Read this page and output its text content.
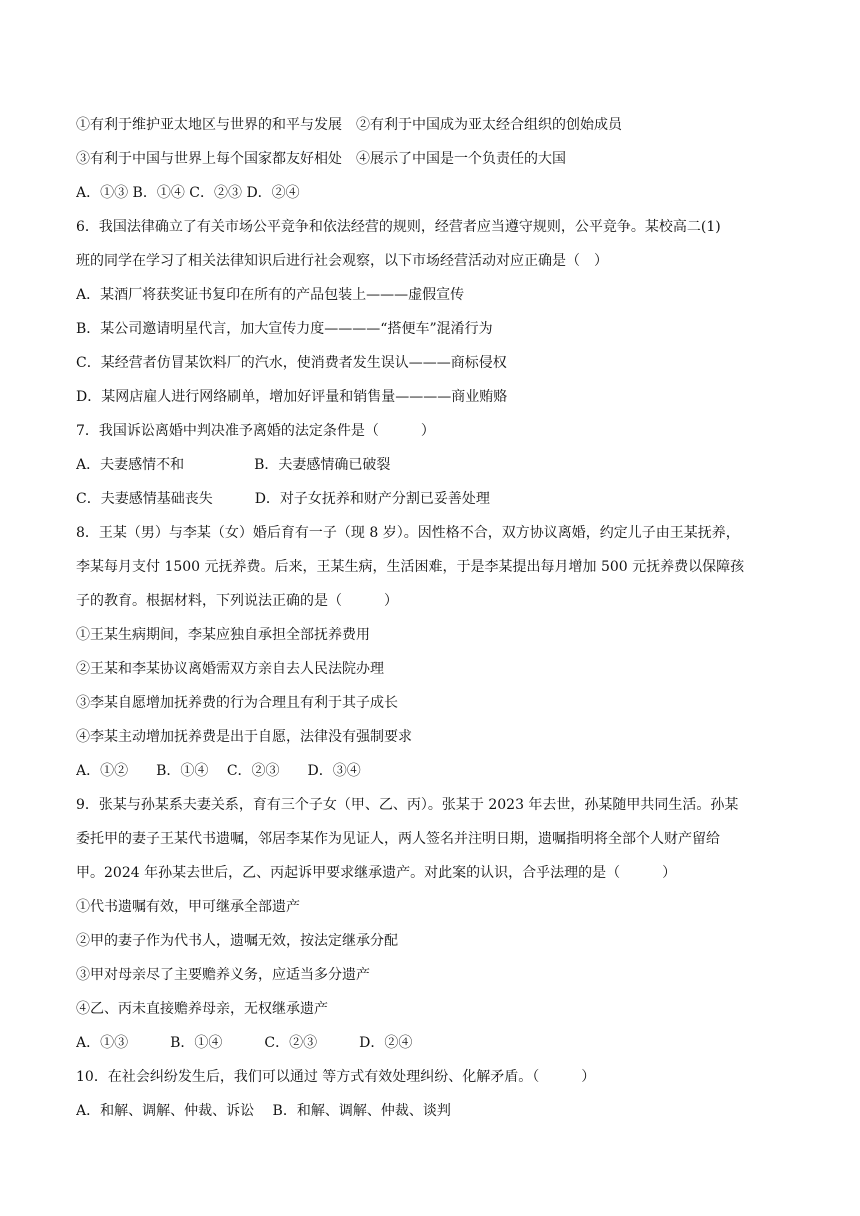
①有利于维护亚太地区与世界的和平与发展　②有利于中国成为亚太经合组织的创始成员
③有利于中国与世界上每个国家都友好相处　④展示了中国是一个负责任的大国
A．①③ B．①④ C．②③ D．②④
6．我国法律确立了有关市场公平竞争和依法经营的规则，经营者应当遵守规则，公平竞争。某校高二(1)
班的同学在学习了相关法律知识后进行社会观察，以下市场经营活动对应正确是（　）
A．某酒厂将获奖证书复印在所有的产品包装上———虚假宣传
B．某公司邀请明星代言，加大宣传力度————“搭便车”混淆行为
C．某经营者仿冒某饮料厂的汽水，使消费者发生误认———商标侵权
D．某网店雇人进行网络刷单，增加好评量和销售量————商业贿赂
7．我国诉讼离婚中判决准予离婚的法定条件是（　　　）
A．夫妻感情不和　　　　　B．夫妻感情确已破裂
C．夫妻感情基础丧失　　　D．对子女抚养和财产分割已妥善处理
8．王某（男）与李某（女）婚后育有一子（现 8 岁）。因性格不合，双方协议离婚，约定儿子由王某抚养，
李某每月支付 1500 元抚养费。后来，王某生病，生活困难，于是李某提出每月增加 500 元抚养费以保障孩
子的教育。根据材料，下列说法正确的是（　　　）
①王某生病期间，李某应独自承担全部抚养费用
②王某和李某协议离婚需双方亲自去人民法院办理
③李某自愿增加抚养费的行为合理且有利于其子成长
④李某主动增加抚养费是出于自愿，法律没有强制要求
A．①②　　B．①④　 C．②③　　D．③④
9．张某与孙某系夫妻关系，育有三个子女（甲、乙、丙）。张某于 2023 年去世，孙某随甲共同生活。孙某
委托甲的妻子王某代书遗嘱，邻居李某作为见证人，两人签名并注明日期，遗嘱指明将全部个人财产留给
甲。2024 年孙某去世后，乙、丙起诉甲要求继承遗产。对此案的认识，合乎法理的是（　　　）
①代书遗嘱有效，甲可继承全部遗产
②甲的妻子作为代书人，遗嘱无效，按法定继承分配
③甲对母亲尽了主要赡养义务，应适当多分遗产
④乙、丙未直接赡养母亲，无权继承遗产
A．①③　　　B．①④　　　C．②③　　　D．②④
10．在社会纠纷发生后，我们可以通过 等方式有效处理纠纷、化解矛盾。（　　　）
A．和解、调解、仲裁、诉讼　 B．和解、调解、仲裁、谈判
